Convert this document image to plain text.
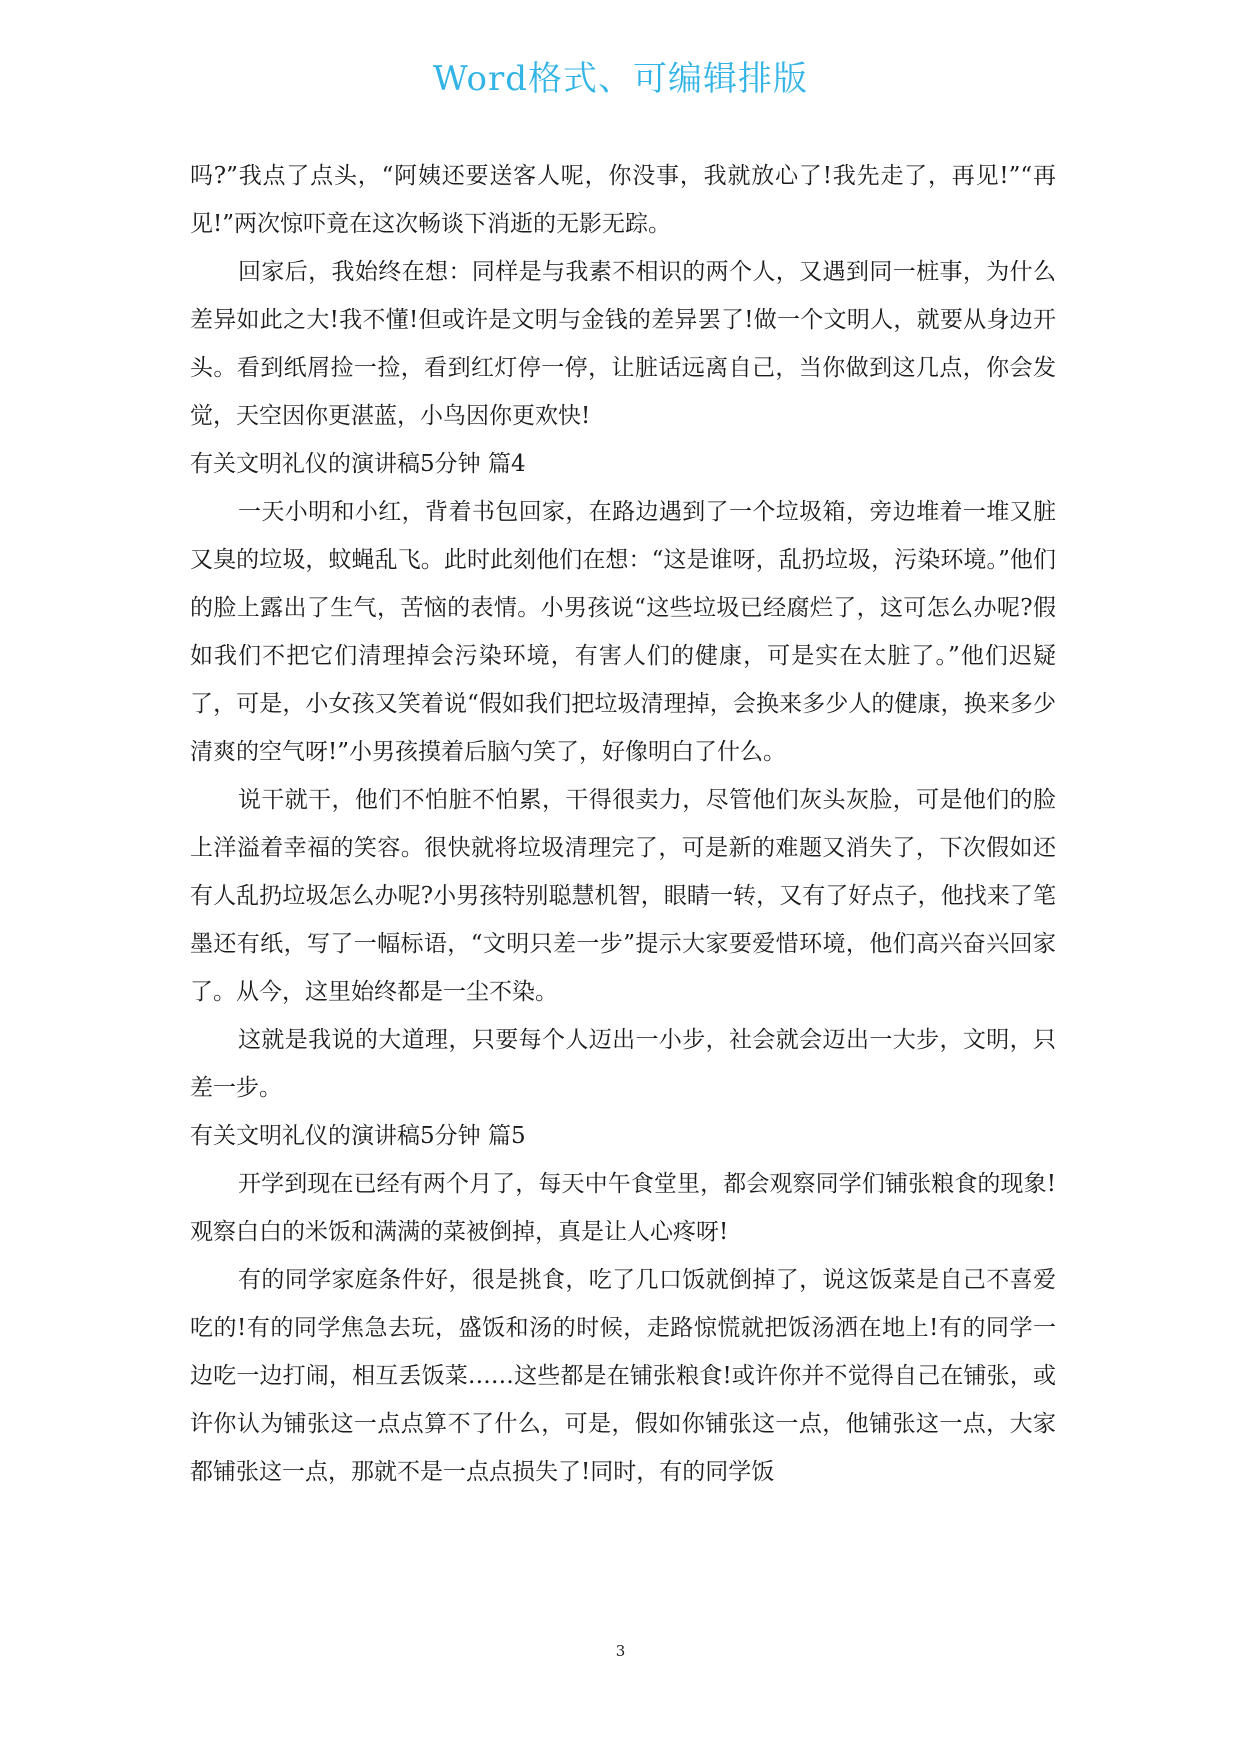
Word格式、可编辑排版

吗?”我点了点头，“阿姨还要送客人呢，你没事，我就放心了!我先走了，再见!”“再见!”两次惊吓竟在这次畅谈下消逝的无影无踪。

回家后，我始终在想：同样是与我素不相识的两个人，又遇到同一桩事，为什么差异如此之大!我不懂!但或许是文明与金钱的差异罢了!做一个文明人，就要从身边开头。看到纸屑捡一捡，看到红灯停一停，让脏话远离自己，当你做到这几点，你会发觉，天空因你更湛蓝，小鸟因你更欢快!

有关文明礼仪的演讲稿5分钟 篇4

一天小明和小红，背着书包回家，在路边遇到了一个垃圾箱，旁边堆着一堆又脏又臭的垃圾，蚊蝇乱飞。此时此刻他们在想：“这是谁呀，乱扔垃圾，污染环境。”他们的脸上露出了生气，苦恼的表情。小男孩说“这些垃圾已经腐烂了，这可怎么办呢?假如我们不把它们清理掉会污染环境，有害人们的健康，可是实在太脏了。”他们迟疑了，可是，小女孩又笑着说“假如我们把垃圾清理掉，会换来多少人的健康，换来多少清爽的空气呀!”小男孩摸着后脑勺笑了，好像明白了什么。

说干就干，他们不怕脏不怕累，干得很卖力，尽管他们灰头灰脸，可是他们的脸上洋溢着幸福的笑容。很快就将垃圾清理完了，可是新的难题又消失了，下次假如还有人乱扔垃圾怎么办呢?小男孩特别聪慧机智，眼睛一转，又有了好点子，他找来了笔墨还有纸，写了一幅标语，“文明只差一步”提示大家要爱惜环境，他们高兴奋兴回家了。从今，这里始终都是一尘不染。

这就是我说的大道理，只要每个人迈出一小步，社会就会迈出一大步，文明，只差一步。

有关文明礼仪的演讲稿5分钟 篇5

开学到现在已经有两个月了，每天中午食堂里，都会观察同学们铺张粮食的现象!观察白白的米饭和满满的菜被倒掉，真是让人心疼呀!

有的同学家庭条件好，很是挑食，吃了几口饭就倒掉了，说这饭菜是自己不喜爱吃的!有的同学焦急去玩，盛饭和汤的时候，走路惊慌就把饭汤洒在地上!有的同学一边吃一边打闹，相互丢饭菜……这些都是在铺张粮食!或许你并不觉得自己在铺张，或许你认为铺张这一点点算不了什么，可是，假如你铺张这一点，他铺张这一点，大家都铺张这一点，那就不是一点点损失了!同时，有的同学饭

3
